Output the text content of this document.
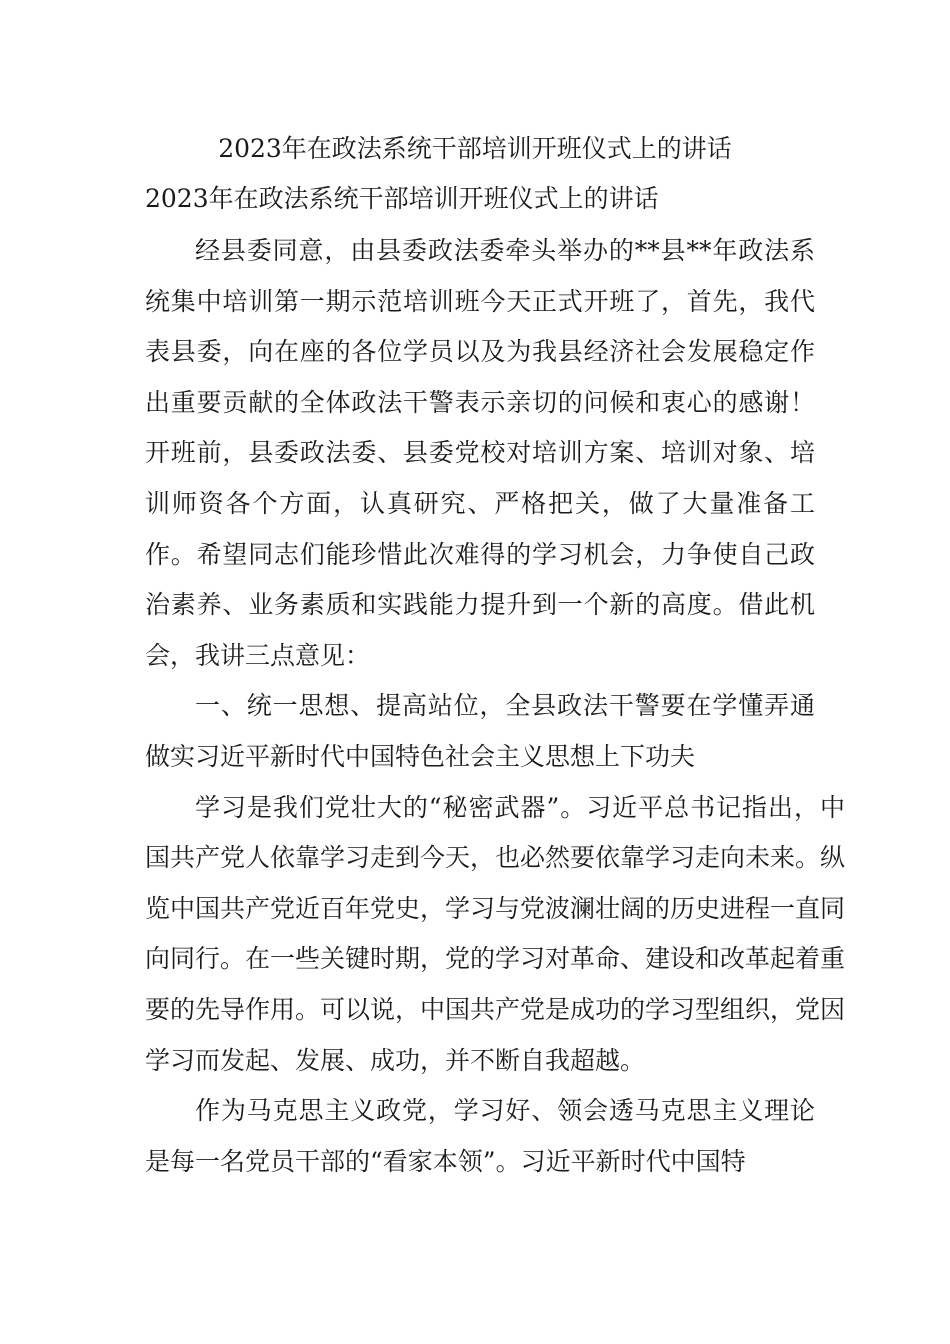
2023年在政法系统干部培训开班仪式上的讲话
2023年在政法系统干部培训开班仪式上的讲话

经县委同意，由县委政法委牵头举办的**县**年政法系统集中培训第一期示范培训班今天正式开班了，首先，我代表县委，向在座的各位学员以及为我县经济社会发展稳定作出重要贡献的全体政法干警表示亲切的问候和衷心的感谢！开班前，县委政法委、县委党校对培训方案、培训对象、培训师资各个方面，认真研究、严格把关，做了大量准备工作。希望同志们能珍惜此次难得的学习机会，力争使自己政治素养、业务素质和实践能力提升到一个新的高度。借此机会，我讲三点意见：

一、统一思想、提高站位，全县政法干警要在学懂弄通做实习近平新时代中国特色社会主义思想上下功夫

学习是我们党壮大的“秘密武器”。习近平总书记指出，中国共产党人依靠学习走到今天，也必然要依靠学习走向未来。纵览中国共产党近百年党史，学习与党波澜壮阔的历史进程一直同向同行。在一些关键时期，党的学习对革命、建设和改革起着重要的先导作用。可以说，中国共产党是成功的学习型组织，党因学习而发起、发展、成功，并不断自我超越。

作为马克思主义政党，学习好、领会透马克思主义理论是每一名党员干部的“看家本领”。习近平新时代中国特
